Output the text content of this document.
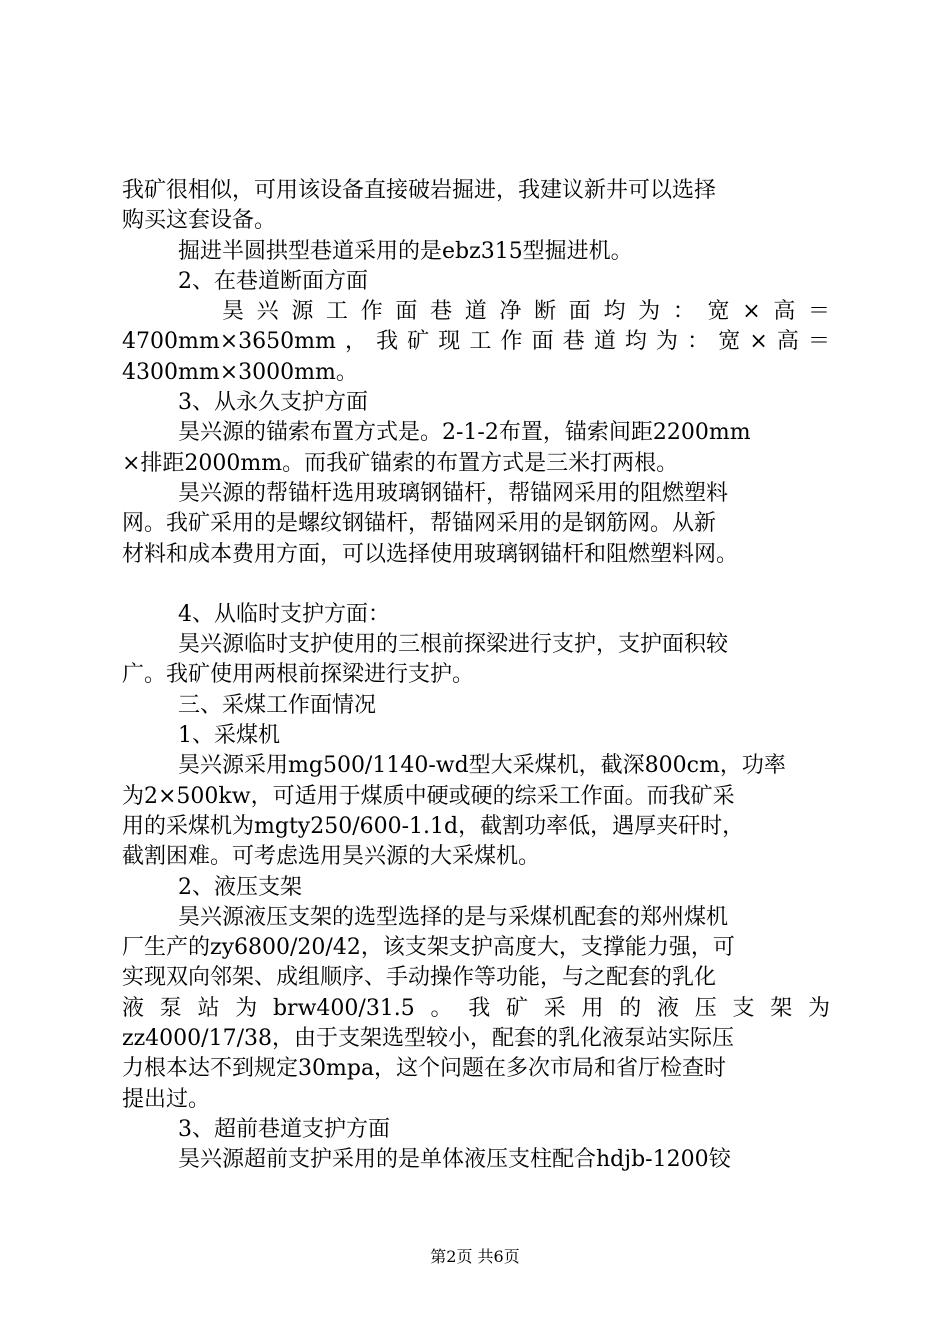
我矿很相似，可用该设备直接破岩掘进，我建议新井可以选择

购买这套设备。

掘进半圆拱型巷道采用的是ebz315型掘进机。

2、在巷道断面方面

昊兴源工作面巷道净断面均为：宽×高＝

4700mm×3650mm，我矿现工作面巷道均为：宽×高＝

4300mm×3000mm。

3、从永久支护方面

昊兴源的锚索布置方式是。2-1-2布置，锚索间距2200mm

×排距2000mm。而我矿锚索的布置方式是三米打两根。

昊兴源的帮锚杆选用玻璃钢锚杆，帮锚网采用的阻燃塑料

网。我矿采用的是螺纹钢锚杆，帮锚网采用的是钢筋网。从新

材料和成本费用方面，可以选择使用玻璃钢锚杆和阻燃塑料网。

4、从临时支护方面：

昊兴源临时支护使用的三根前探梁进行支护，支护面积较

广。我矿使用两根前探梁进行支护。

三、采煤工作面情况

1、采煤机

昊兴源采用mg500/1140-wd型大采煤机，截深800cm，功率

为2×500kw，可适用于煤质中硬或硬的综采工作面。而我矿采

用的采煤机为mgty250/600-1.1d，截割功率低，遇厚夹矸时，

截割困难。可考虑选用昊兴源的大采煤机。

2、液压支架

昊兴源液压支架的选型选择的是与采煤机配套的郑州煤机

厂生产的zy6800/20/42，该支架支护高度大，支撑能力强，可

实现双向邻架、成组顺序、手动操作等功能，与之配套的乳化

液泵站为brw400/31.5。我矿采用的液压支架为

zz4000/17/38，由于支架选型较小，配套的乳化液泵站实际压

力根本达不到规定30mpa，这个问题在多次市局和省厅检查时

提出过。

3、超前巷道支护方面

昊兴源超前支护采用的是单体液压支柱配合hdjb-1200铰

第2页 共6页
